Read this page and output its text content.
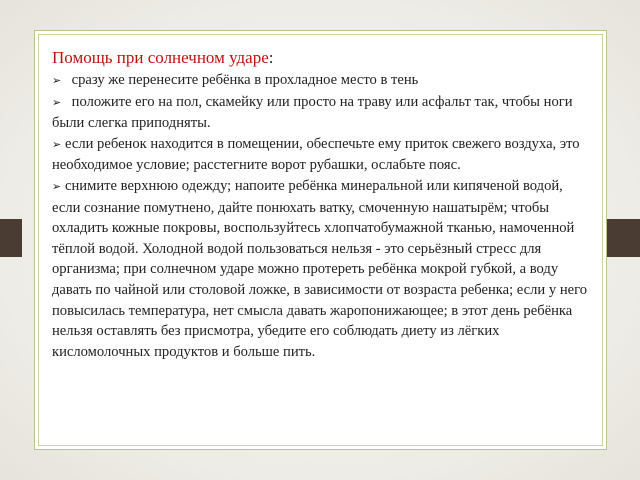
Помощь при солнечном ударе:
➢ сразу же перенесите ребёнка в прохладное место в тень
➢ положите его на пол, скамейку или просто на траву или асфальт так, чтобы ноги были слегка приподняты.
➢ если ребенок находится в помещении, обеспечьте ему приток свежего воздуха, это необходимое условие; расстегните ворот рубашки, ослабьте пояс.
➢ снимите верхнюю одежду; напоите ребёнка минеральной или кипяченой водой, если сознание помутнено, дайте понюхать ватку, смоченную нашатырём; чтобы охладить кожные покровы, воспользуйтесь хлопчатобумажной тканью, намоченной тёплой водой. Холодной водой пользоваться нельзя - это серьёзный стресс для организма; при солнечном ударе можно протереть ребёнка мокрой губкой, а воду давать по чайной или столовой ложке, в зависимости от возраста ребенка; если у него повысилась температура, нет смысла давать жаропонижающее; в этот день ребёнка нельзя оставлять без присмотра, убедите его соблюдать диету из лёгких кисломолочных продуктов и больше пить.
